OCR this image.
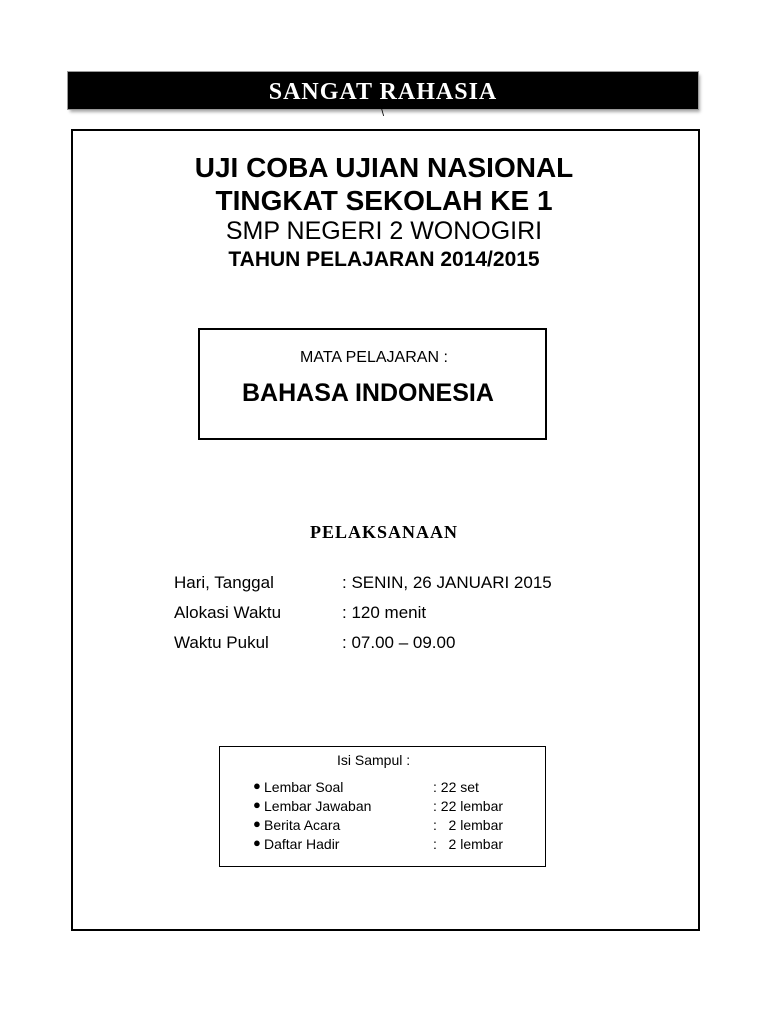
SANGAT RAHASIA
\
UJI COBA UJIAN NASIONAL
TINGKAT SEKOLAH KE 1
SMP NEGERI 2 WONOGIRI
TAHUN PELAJARAN 2014/2015
MATA PELAJARAN :
BAHASA INDONESIA
PELAKSANAAN
Hari, Tanggal	: SENIN, 26 JANUARI 2015
Alokasi Waktu	: 120 menit
Waktu Pukul	: 07.00 – 09.00
Isi Sampul :
● Lembar Soal	: 22 set
● Lembar Jawaban	: 22 lembar
● Berita Acara	:   2 lembar
● Daftar Hadir	:   2 lembar
